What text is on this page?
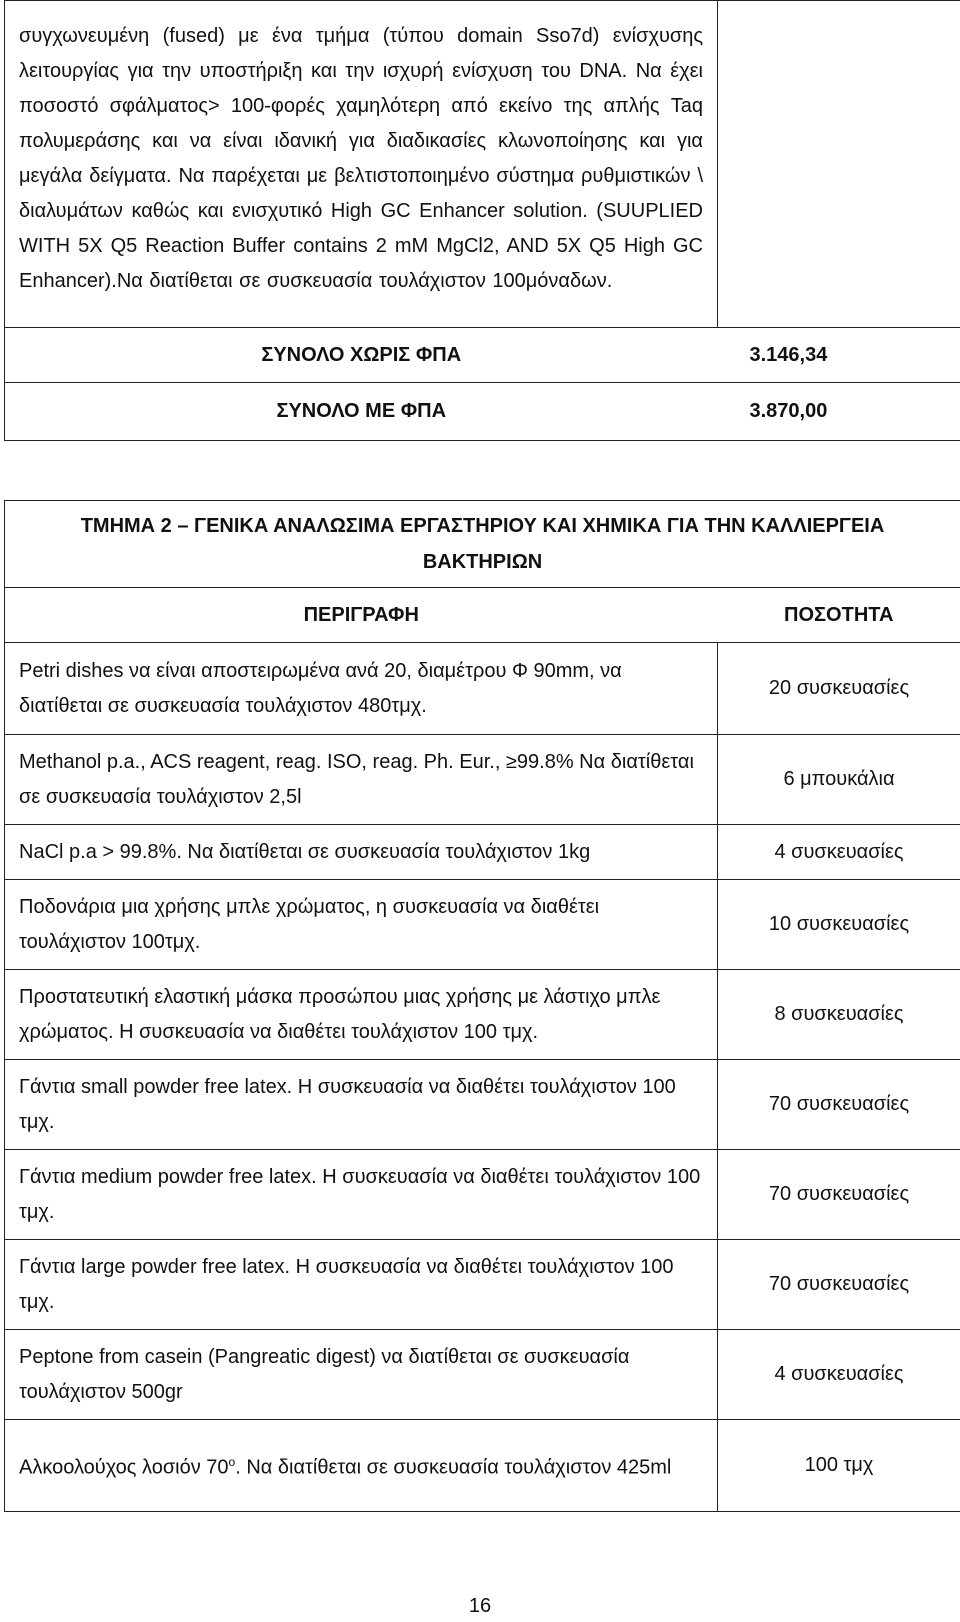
συγχωνευμένη (fused) με ένα τμήμα (τύπου domain Sso7d) ενίσχυσης λειτουργίας για την υποστήριξη και την ισχυρή ενίσχυση του DNA. Να έχει ποσοστό σφάλματος> 100-φορές χαμηλότερη από εκείνο της απλής Taq πολυμεράσης και να είναι ιδανική για διαδικασίες κλωνοποίησης και για μεγάλα δείγματα. Να παρέχεται με βελτιστοποιημένο σύστημα ρυθμιστικών \ διαλυμάτων καθώς και ενισχυτικό High GC Enhancer solution. (SUUPLIED WITH 5X Q5 Reaction Buffer contains 2 mM MgCl2, AND 5X Q5 High GC Enhancer).Να διατίθεται σε συσκευασία τουλάχιστον 100μόναδων.	

ΣΥΝΟΛΟ ΧΩΡΙΣ ΦΠΑ	3.146,34
ΣΥΝΟΛΟ ΜΕ ΦΠΑ	3.870,00
ΤΜΗΜΑ 2 – ΓΕΝΙΚΑ ΑΝΑΛΩΣΙΜΑ ΕΡΓΑΣΤΗΡΙΟΥ ΚΑΙ ΧΗΜΙΚΑ ΓΙΑ ΤΗΝ ΚΑΛΛΙΕΡΓΕΙΑ ΒΑΚΤΗΡΙΩΝ	

ΠΕΡΙΓΡΑΦΗ	ΠΟΣΟΤΗΤΑ
Petri dishes να είναι αποστειρωμένα ανά 20, διαμέτρου Φ 90mm, να διατίθεται σε συσκευασία τουλάχιστον 480τμχ.	20 συσκευασίες
Methanol p.a., ACS reagent, reag. ISO, reag. Ph. Eur., ≥99.8% Να διατίθεται σε συσκευασία τουλάχιστον 2,5l	6 μπουκάλια
NaCl p.a > 99.8%. Να διατίθεται σε συσκευασία τουλάχιστον 1kg	4 συσκευασίες
Ποδονάρια μια χρήσης μπλε χρώματος, η συσκευασία να διαθέτει τουλάχιστον 100τμχ.	10 συσκευασίες
Προστατευτική ελαστική μάσκα προσώπου μιας χρήσης με λάστιχο μπλε χρώματος. Η συσκευασία να διαθέτει τουλάχιστον 100 τμχ.	8 συσκευασίες
Γάντια small powder free latex. Η συσκευασία να διαθέτει τουλάχιστον 100 τμχ.	70 συσκευασίες
Γάντια medium powder free latex. Η συσκευασία να διαθέτει τουλάχιστον 100 τμχ.	70 συσκευασίες
Γάντια large powder free latex. Η συσκευασία να διαθέτει τουλάχιστον 100 τμχ.	70 συσκευασίες
Peptone from casein (Pangreatic digest) να διατίθεται σε συσκευασία τουλάχιστον 500gr	4 συσκευασίες
Αλκοολούχος λοσιόν $70^o$. Να διατίθεται σε συσκευασία τουλάχιστον 425ml	100 τμχ
16
